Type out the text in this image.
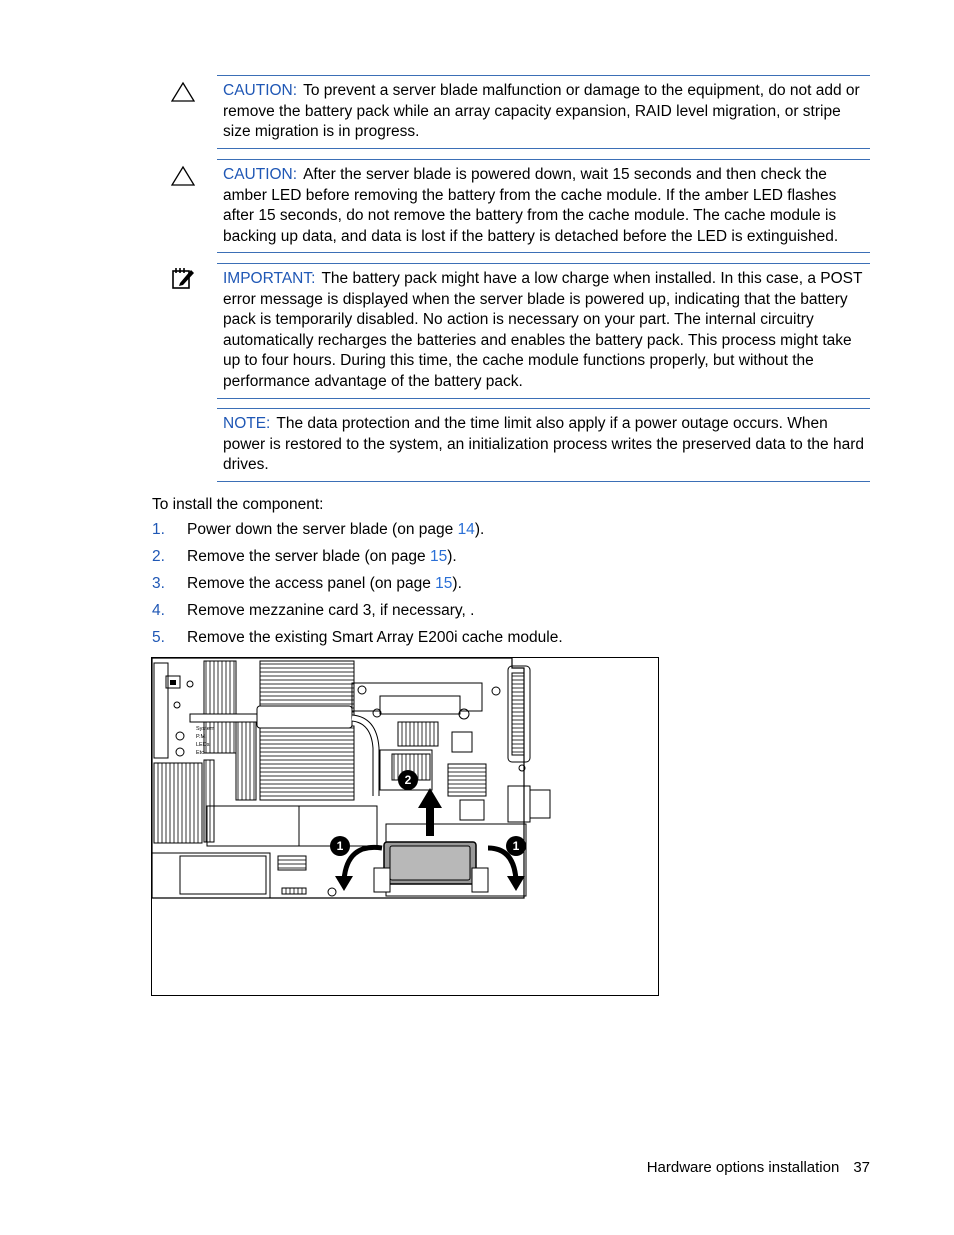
CAUTION: To prevent a server blade malfunction or damage to the equipment, do not add or remove the battery pack while an array capacity expansion, RAID level migration, or stripe size migration is in progress.

CAUTION: After the server blade is powered down, wait 15 seconds and then check the amber LED before removing the battery from the cache module. If the amber LED flashes after 15 seconds, do not remove the battery from the cache module. The cache module is backing up data, and data is lost if the battery is detached before the LED is extinguished.

IMPORTANT: The battery pack might have a low charge when installed. In this case, a POST error message is displayed when the server blade is powered up, indicating that the battery pack is temporarily disabled. No action is necessary on your part. The internal circuitry automatically recharges the batteries and enables the battery pack. This process might take up to four hours. During this time, the cache module functions properly, but without the performance advantage of the battery pack.

NOTE: The data protection and the time limit also apply if a power outage occurs. When power is restored to the system, an initialization process writes the preserved data to the hard drives.

To install the component:

1. Power down the server blade (on page 14).
2. Remove the server blade (on page 15).
3. Remove the access panel (on page 15).
4. Remove mezzanine card 3, if necessary, .
5. Remove the existing Smart Array E200i cache module.
System
P.M.
LEDs
Etc
1
2
1
Hardware options installation 37
